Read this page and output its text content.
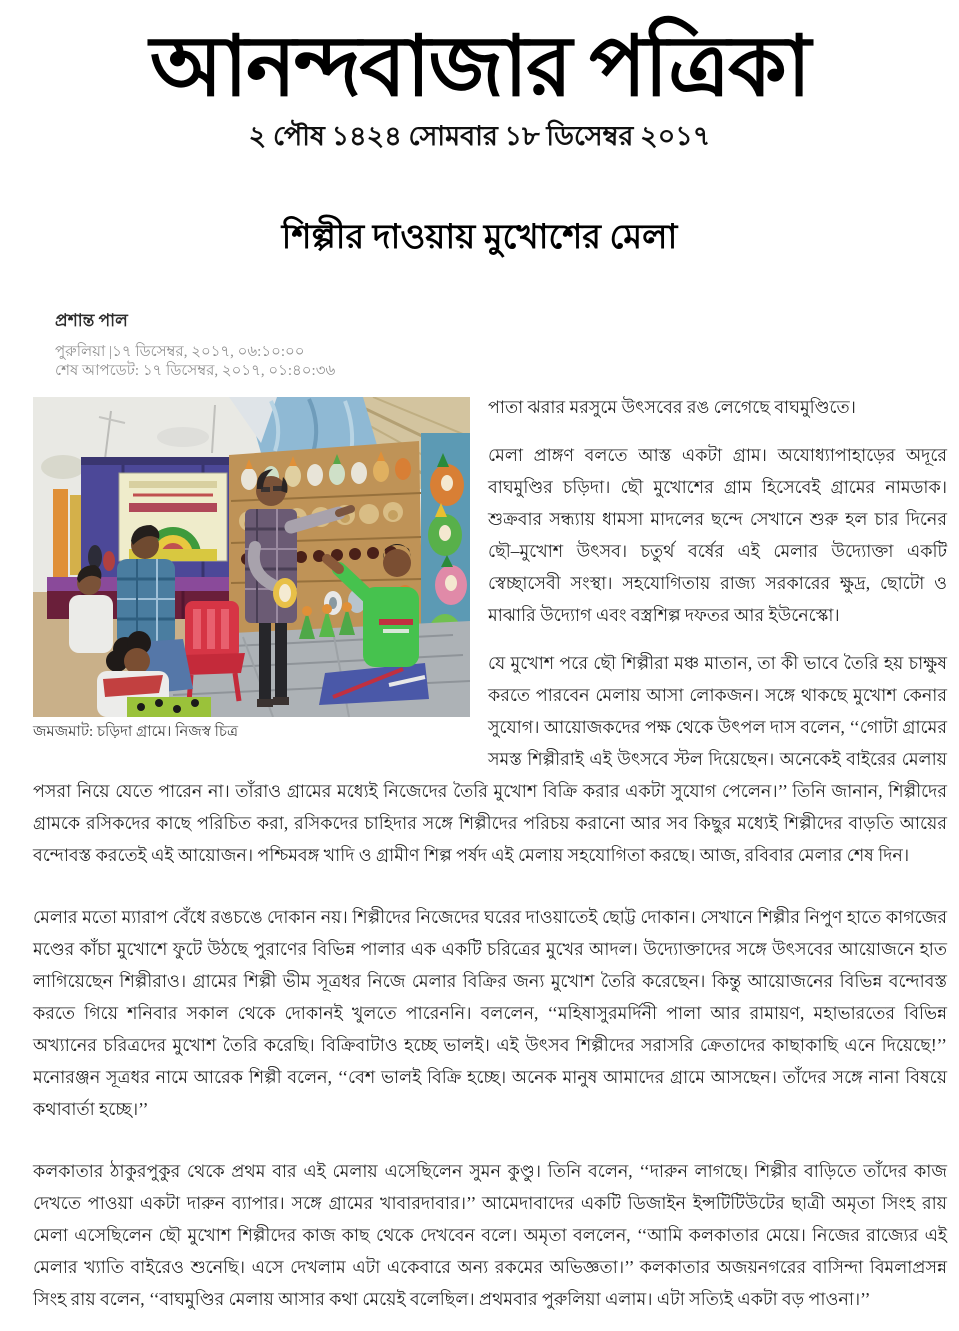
আনন্দবাজার পত্রিকা
২ পৌষ ১৪২৪ সোমবার ১৮ ডিসেম্বর ২০১৭
শিল্পীর দাওয়ায় মুখোশের মেলা
প্রশান্ত পাল
পুরুলিয়া |১৭ ডিসেম্বর, ২০১৭, ০৬:১০:০০
শেষ আপডেট: ১৭ ডিসেম্বর, ২০১৭, ০১:৪০:৩৬
জমজমাট: চড়িদা গ্রামে। নিজস্ব চিত্র

পাতা ঝরার মরসুমে উৎসবের রঙ লেগেছে বাঘমুণ্ডিতে।

মেলা প্রাঙ্গণ বলতে আস্ত একটা গ্রাম। অযোধ্যাপাহাড়ের অদূরে বাঘমুণ্ডির চড়িদা। ছৌ মুখোশের গ্রাম হিসেবেই গ্রামের নামডাক। শুক্রবার সন্ধ্যায় ধামসা মাদলের ছন্দে সেখানে শুরু হল চার দিনের ছৌ–মুখোশ উৎসব। চতুর্থ বর্ষের এই মেলার উদ্যোক্তা একটি স্বেচ্ছাসেবী সংস্থা। সহযোগিতায় রাজ্য সরকারের ক্ষুদ্র, ছোটো ও মাঝারি উদ্যোগ এবং বস্ত্রশিল্প দফতর আর ইউনেস্কো।

যে মুখোশ পরে ছৌ শিল্পীরা মঞ্চ মাতান, তা কী ভাবে তৈরি হয় চাক্ষুষ করতে পারবেন মেলায় আসা লোকজন। সঙ্গে থাকছে মুখোশ কেনার সুযোগ। আয়োজকদের পক্ষ থেকে উৎপল দাস বলেন, ‘‘গোটা গ্রামের সমস্ত শিল্পীরাই এই উৎসবে স্টল দিয়েছেন। অনেকেই বাইরের মেলায় পসরা নিয়ে যেতে পারেন না। তাঁরাও গ্রামের মধ্যেই নিজেদের তৈরি মুখোশ বিক্রি করার একটা সুযোগ পেলেন।’’ তিনি জানান, শিল্পীদের গ্রামকে রসিকদের কাছে পরিচিত করা, রসিকদের চাহিদার সঙ্গে শিল্পীদের পরিচয় করানো আর সব কিছুর মধ্যেই শিল্পীদের বাড়তি আয়ের বন্দোবস্ত করতেই এই আয়োজন। পশ্চিমবঙ্গ খাদি ও গ্রামীণ শিল্প পর্ষদ এই মেলায় সহযোগিতা করছে। আজ, রবিবার মেলার শেষ দিন।

মেলার মতো ম্যারাপ বেঁধে রঙচঙে দোকান নয়। শিল্পীদের নিজেদের ঘরের দাওয়াতেই ছোট্ট দোকান। সেখানে শিল্পীর নিপুণ হাতে কাগজের মণ্ডের কাঁচা মুখোশে ফুটে উঠছে পুরাণের বিভিন্ন পালার এক একটি চরিত্রের মুখের আদল। উদ্যোক্তাদের সঙ্গে উৎসবের আয়োজনে হাত লাগিয়েছেন শিল্পীরাও। গ্রামের শিল্পী ভীম সূত্রধর নিজে মেলার বিক্রির জন্য মুখোশ তৈরি করেছেন। কিন্তু আয়োজনের বিভিন্ন বন্দোবস্ত করতে গিয়ে শনিবার সকাল থেকে দোকানই খুলতে পারেননি। বললেন, ‘‘মহিষাসুরমর্দিনী পালা আর রামায়ণ, মহাভারতের বিভিন্ন অখ্যানের চরিত্রদের মুখোশ তৈরি করেছি। বিক্রিবাটাও হচ্ছে ভালই। এই উৎসব শিল্পীদের সরাসরি ক্রেতাদের কাছাকাছি এনে দিয়েছে!’’ মনোরঞ্জন সূত্রধর নামে আরেক শিল্পী বলেন, ‘‘বেশ ভালই বিক্রি হচ্ছে। অনেক মানুষ আমাদের গ্রামে আসছেন। তাঁদের সঙ্গে নানা বিষয়ে কথাবার্তা হচ্ছে।’’

কলকাতার ঠাকুরপুকুর থেকে প্রথম বার এই মেলায় এসেছিলেন সুমন কুণ্ডু। তিনি বলেন, ‘‘দারুন লাগছে। শিল্পীর বাড়িতে তাঁদের কাজ দেখতে পাওয়া একটা দারুন ব্যাপার। সঙ্গে গ্রামের খাবারদাবার।’’ আমেদাবাদের একটি ডিজাইন ইন্সটিটিউটের ছাত্রী অমৃতা সিংহ রায় মেলা এসেছিলেন ছৌ মুখোশ শিল্পীদের কাজ কাছ থেকে দেখবেন বলে। অমৃতা বললেন, ‘‘আমি কলকাতার মেয়ে। নিজের রাজ্যের এই মেলার খ্যাতি বাইরেও শুনেছি। এসে দেখলাম এটা একেবারে অন্য রকমের অভিজ্ঞতা।’’ কলকাতার অজয়নগরের বাসিন্দা বিমলাপ্রসন্ন সিংহ রায় বলেন, ‘‘বাঘমুণ্ডির মেলায় আসার কথা মেয়েই বলেছিল। প্রথমবার পুরুলিয়া এলাম। এটা সত্যিই একটা বড় পাওনা।’’
